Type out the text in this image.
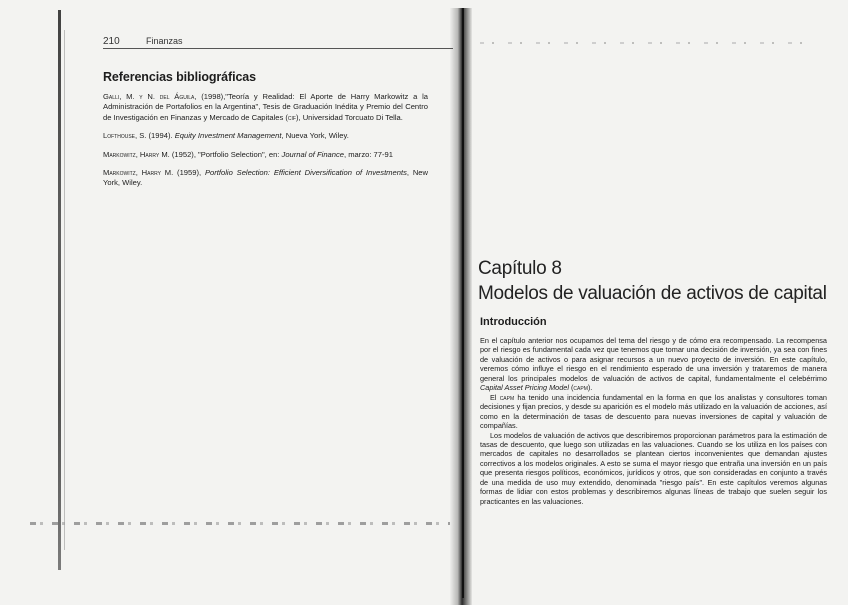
210	Finanzas
Referencias bibliográficas

Galli, M. y N. del Águila, (1998),"Teoría y Realidad: El Aporte de Harry Markowitz a la Administración de Portafolios en la Argentina", Tesis de Graduación Inédita y Premio del Centro de Investigación en Finanzas y Mercado de Capitales (cif), Universidad Torcuato Di Tella.

Lofthouse, S. (1994). Equity Investment Management, Nueva York, Wiley.

Markowitz, Harry M. (1952), "Portfolio Selection", en: Journal of Finance, marzo: 77-91

Markowitz, Harry M. (1959), Portfolio Selection: Efficient Diversification of Investments, New York, Wiley.

Capítulo 8
Modelos de valuación de activos de capital
Introducción

En el capítulo anterior nos ocupamos del tema del riesgo y de cómo era recompensado. La recompensa por el riesgo es fundamental cada vez que tenemos que tomar una decisión de inversión, ya sea con fines de valuación de activos o para asignar recursos a un nuevo proyecto de inversión. En este capítulo, veremos cómo influye el riesgo en el rendimiento esperado de una inversión y trataremos de manera general los principales modelos de valuación de activos de capital, fundamentalmente el celebérrimo Capital Asset Pricing Model (capm).

El capm ha tenido una incidencia fundamental en la forma en que los analistas y consultores toman decisiones y fijan precios, y desde su aparición es el modelo más utilizado en la valuación de acciones, así como en la determinación de tasas de descuento para nuevas inversiones de capital y valuación de compañías.

Los modelos de valuación de activos que describiremos proporcionan parámetros para la estimación de tasas de descuento, que luego son utilizadas en las valuaciones. Cuando se los utiliza en los países con mercados de capitales no desarrollados se plantean ciertos inconvenientes que demandan ajustes correctivos a los modelos originales. A esto se suma el mayor riesgo que entraña una inversión en un país que presenta riesgos políticos, económicos, jurídicos y otros, que son consideradas en conjunto a través de una medida de uso muy extendido, denominada "riesgo país". En este capítulos veremos algunas formas de lidiar con estos problemas y describiremos algunas líneas de trabajo que suelen seguir los practicantes en las valuaciones.
